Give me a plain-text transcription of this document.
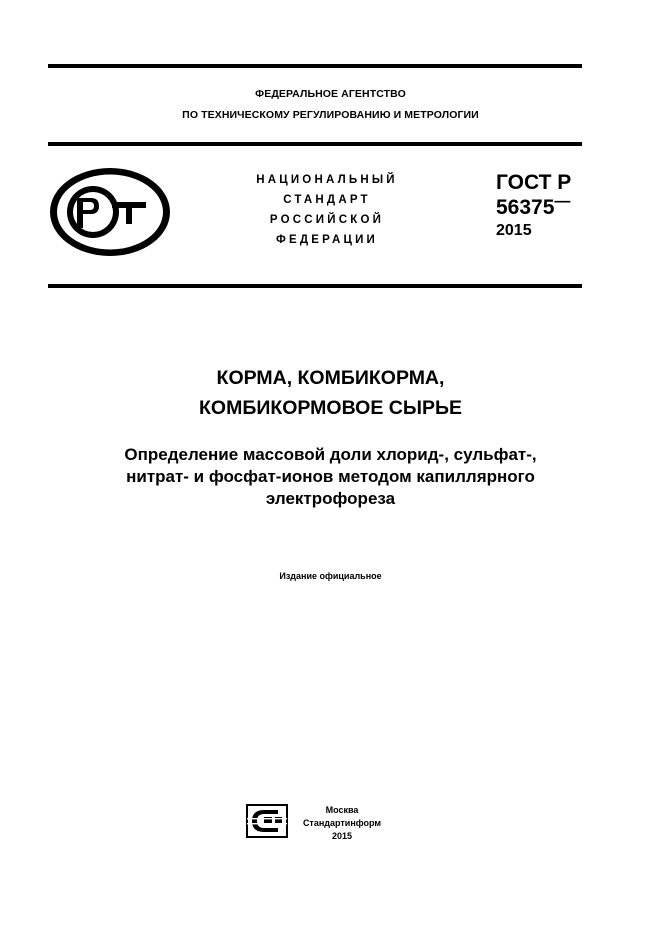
ФЕДЕРАЛЬНОЕ АГЕНТСТВО
ПО ТЕХНИЧЕСКОМУ РЕГУЛИРОВАНИЮ И МЕТРОЛОГИИ
НАЦИОНАЛЬНЫЙ
СТАНДАРТ
РОССИЙСКОЙ
ФЕДЕРАЦИИ
ГОСТ Р
56375—
2015
КОРМА, КОМБИКОРМА,
КОМБИКОРМОВОЕ СЫРЬЕ
Определение массовой доли хлорид-, сульфат-,
нитрат- и фосфат-ионов методом капиллярного
электрофореза
Издание официальное
Москва
Стандартинформ
2015
